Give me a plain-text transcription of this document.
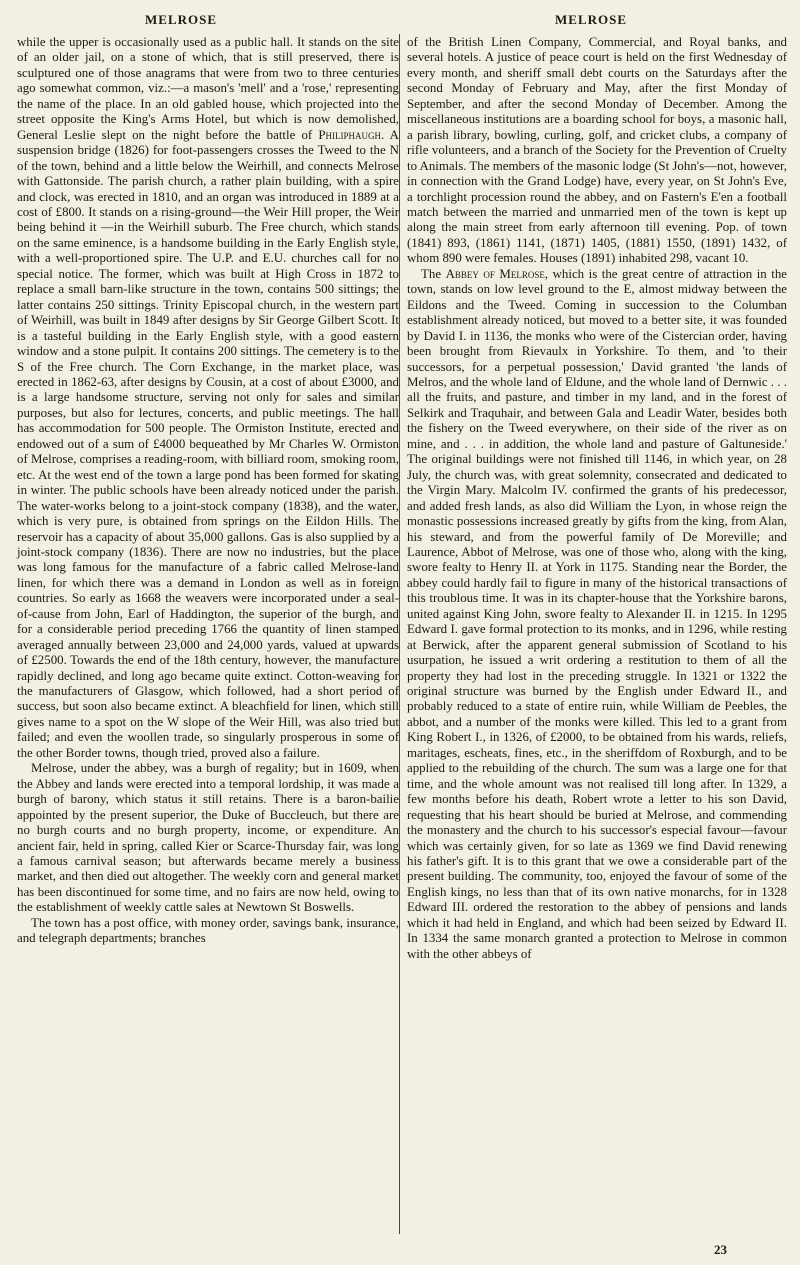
MELROSE	MELROSE

while the upper is occasionally used as a public hall. It stands on the site of an older jail, on a stone of which, that is still preserved, there is sculptured one of those anagrams that were from two to three centuries ago somewhat common, viz.:—a mason's 'mell' and a 'rose,' representing the name of the place. In an old gabled house, which projected into the street opposite the King's Arms Hotel, but which is now demolished, General Leslie slept on the night before the battle of Philiphaugh. A suspension bridge (1826) for foot-passengers crosses the Tweed to the N of the town, behind and a little below the Weirhill, and connects Melrose with Gattonside. The parish church, a rather plain building, with a spire and clock, was erected in 1810, and an organ was introduced in 1889 at a cost of £800. It stands on a rising-ground—the Weir Hill proper, the Weir being behind it —in the Weirhill suburb. The Free church, which stands on the same eminence, is a handsome building in the Early English style, with a well-proportioned spire. The U.P. and E.U. churches call for no special notice. The former, which was built at High Cross in 1872 to replace a small barn-like structure in the town, contains 500 sittings; the latter contains 250 sittings. Trinity Episcopal church, in the western part of Weirhill, was built in 1849 after designs by Sir George Gilbert Scott. It is a tasteful building in the Early English style, with a good eastern window and a stone pulpit. It contains 200 sittings. The cemetery is to the S of the Free church. The Corn Exchange, in the market place, was erected in 1862-63, after designs by Cousin, at a cost of about £3000, and is a large handsome structure, serving not only for sales and similar purposes, but also for lectures, concerts, and public meetings. The hall has accommodation for 500 people. The Ormiston Institute, erected and endowed out of a sum of £4000 bequeathed by Mr Charles W. Ormiston of Melrose, comprises a reading-room, with billiard room, smoking room, etc. At the west end of the town a large pond has been formed for skating in winter. The public schools have been already noticed under the parish. The water-works belong to a joint-stock company (1838), and the water, which is very pure, is obtained from springs on the Eildon Hills. The reservoir has a capacity of about 35,000 gallons. Gas is also supplied by a joint-stock company (1836). There are now no industries, but the place was long famous for the manufacture of a fabric called Melrose-land linen, for which there was a demand in London as well as in foreign countries. So early as 1668 the weavers were incorporated under a seal-of-cause from John, Earl of Haddington, the superior of the burgh, and for a considerable period preceding 1766 the quantity of linen stamped averaged annually between 23,000 and 24,000 yards, valued at upwards of £2500. Towards the end of the 18th century, however, the manufacture rapidly declined, and long ago became quite extinct. Cotton-weaving for the manufacturers of Glasgow, which followed, had a short period of success, but soon also became extinct. A bleachfield for linen, which still gives name to a spot on the W slope of the Weir Hill, was also tried but failed; and even the woollen trade, so singularly prosperous in some of the other Border towns, though tried, proved also a failure.

Melrose, under the abbey, was a burgh of regality; but in 1609, when the Abbey and lands were erected into a temporal lordship, it was made a burgh of barony, which status it still retains. There is a baron-bailie appointed by the present superior, the Duke of Buccleuch, but there are no burgh courts and no burgh property, income, or expenditure. An ancient fair, held in spring, called Kier or Scarce-Thursday fair, was long a famous carnival season; but afterwards became merely a business market, and then died out altogether. The weekly corn and general market has been discontinued for some time, and no fairs are now held, owing to the establishment of weekly cattle sales at Newtown St Boswells.

The town has a post office, with money order, savings bank, insurance, and telegraph departments; branches

of the British Linen Company, Commercial, and Royal banks, and several hotels. A justice of peace court is held on the first Wednesday of every month, and sheriff small debt courts on the Saturdays after the second Monday of February and May, after the first Monday of September, and after the second Monday of December. Among the miscellaneous institutions are a boarding school for boys, a masonic hall, a parish library, bowling, curling, golf, and cricket clubs, a company of rifle volunteers, and a branch of the Society for the Prevention of Cruelty to Animals. The members of the masonic lodge (St John's—not, however, in connection with the Grand Lodge) have, every year, on St John's Eve, a torchlight procession round the abbey, and on Fastern's E'en a football match between the married and unmarried men of the town is kept up along the main street from early afternoon till evening. Pop. of town (1841) 893, (1861) 1141, (1871) 1405, (1881) 1550, (1891) 1432, of whom 890 were females. Houses (1891) inhabited 298, vacant 10.

The Abbey of Melrose, which is the great centre of attraction in the town, stands on low level ground to the E, almost midway between the Eildons and the Tweed. Coming in succession to the Columban establishment already noticed, but moved to a better site, it was founded by David I. in 1136, the monks who were of the Cistercian order, having been brought from Rievaulx in Yorkshire. To them, and 'to their successors, for a perpetual possession,' David granted 'the lands of Melros, and the whole land of Eldune, and the whole land of Dernwic . . . all the fruits, and pasture, and timber in my land, and in the forest of Selkirk and Traquhair, and between Gala and Leadir Water, besides both the fishery on the Tweed everywhere, on their side of the river as on mine, and . . . in addition, the whole land and pasture of Galtuneside.' The original buildings were not finished till 1146, in which year, on 28 July, the church was, with great solemnity, consecrated and dedicated to the Virgin Mary. Malcolm IV. confirmed the grants of his predecessor, and added fresh lands, as also did William the Lyon, in whose reign the monastic possessions increased greatly by gifts from the king, from Alan, his steward, and from the powerful family of De Moreville; and Laurence, Abbot of Melrose, was one of those who, along with the king, swore fealty to Henry II. at York in 1175. Standing near the Border, the abbey could hardly fail to figure in many of the historical transactions of this troublous time. It was in its chapter-house that the Yorkshire barons, united against King John, swore fealty to Alexander II. in 1215. In 1295 Edward I. gave formal protection to its monks, and in 1296, while resting at Berwick, after the apparent general submission of Scotland to his usurpation, he issued a writ ordering a restitution to them of all the property they had lost in the preceding struggle. In 1321 or 1322 the original structure was burned by the English under Edward II., and probably reduced to a state of entire ruin, while William de Peebles, the abbot, and a number of the monks were killed. This led to a grant from King Robert I., in 1326, of £2000, to be obtained from his wards, reliefs, maritages, escheats, fines, etc., in the sheriffdom of Roxburgh, and to be applied to the rebuilding of the church. The sum was a large one for that time, and the whole amount was not realised till long after. In 1329, a few months before his death, Robert wrote a letter to his son David, requesting that his heart should be buried at Melrose, and commending the monastery and the church to his successor's especial favour—favour which was certainly given, for so late as 1369 we find David renewing his father's gift. It is to this grant that we owe a considerable part of the present building. The community, too, enjoyed the favour of some of the English kings, no less than that of its own native monarchs, for in 1328 Edward III. ordered the restoration to the abbey of pensions and lands which it had held in England, and which had been seized by Edward II. In 1334 the same monarch granted a protection to Melrose in common with the other abbeys of

23
